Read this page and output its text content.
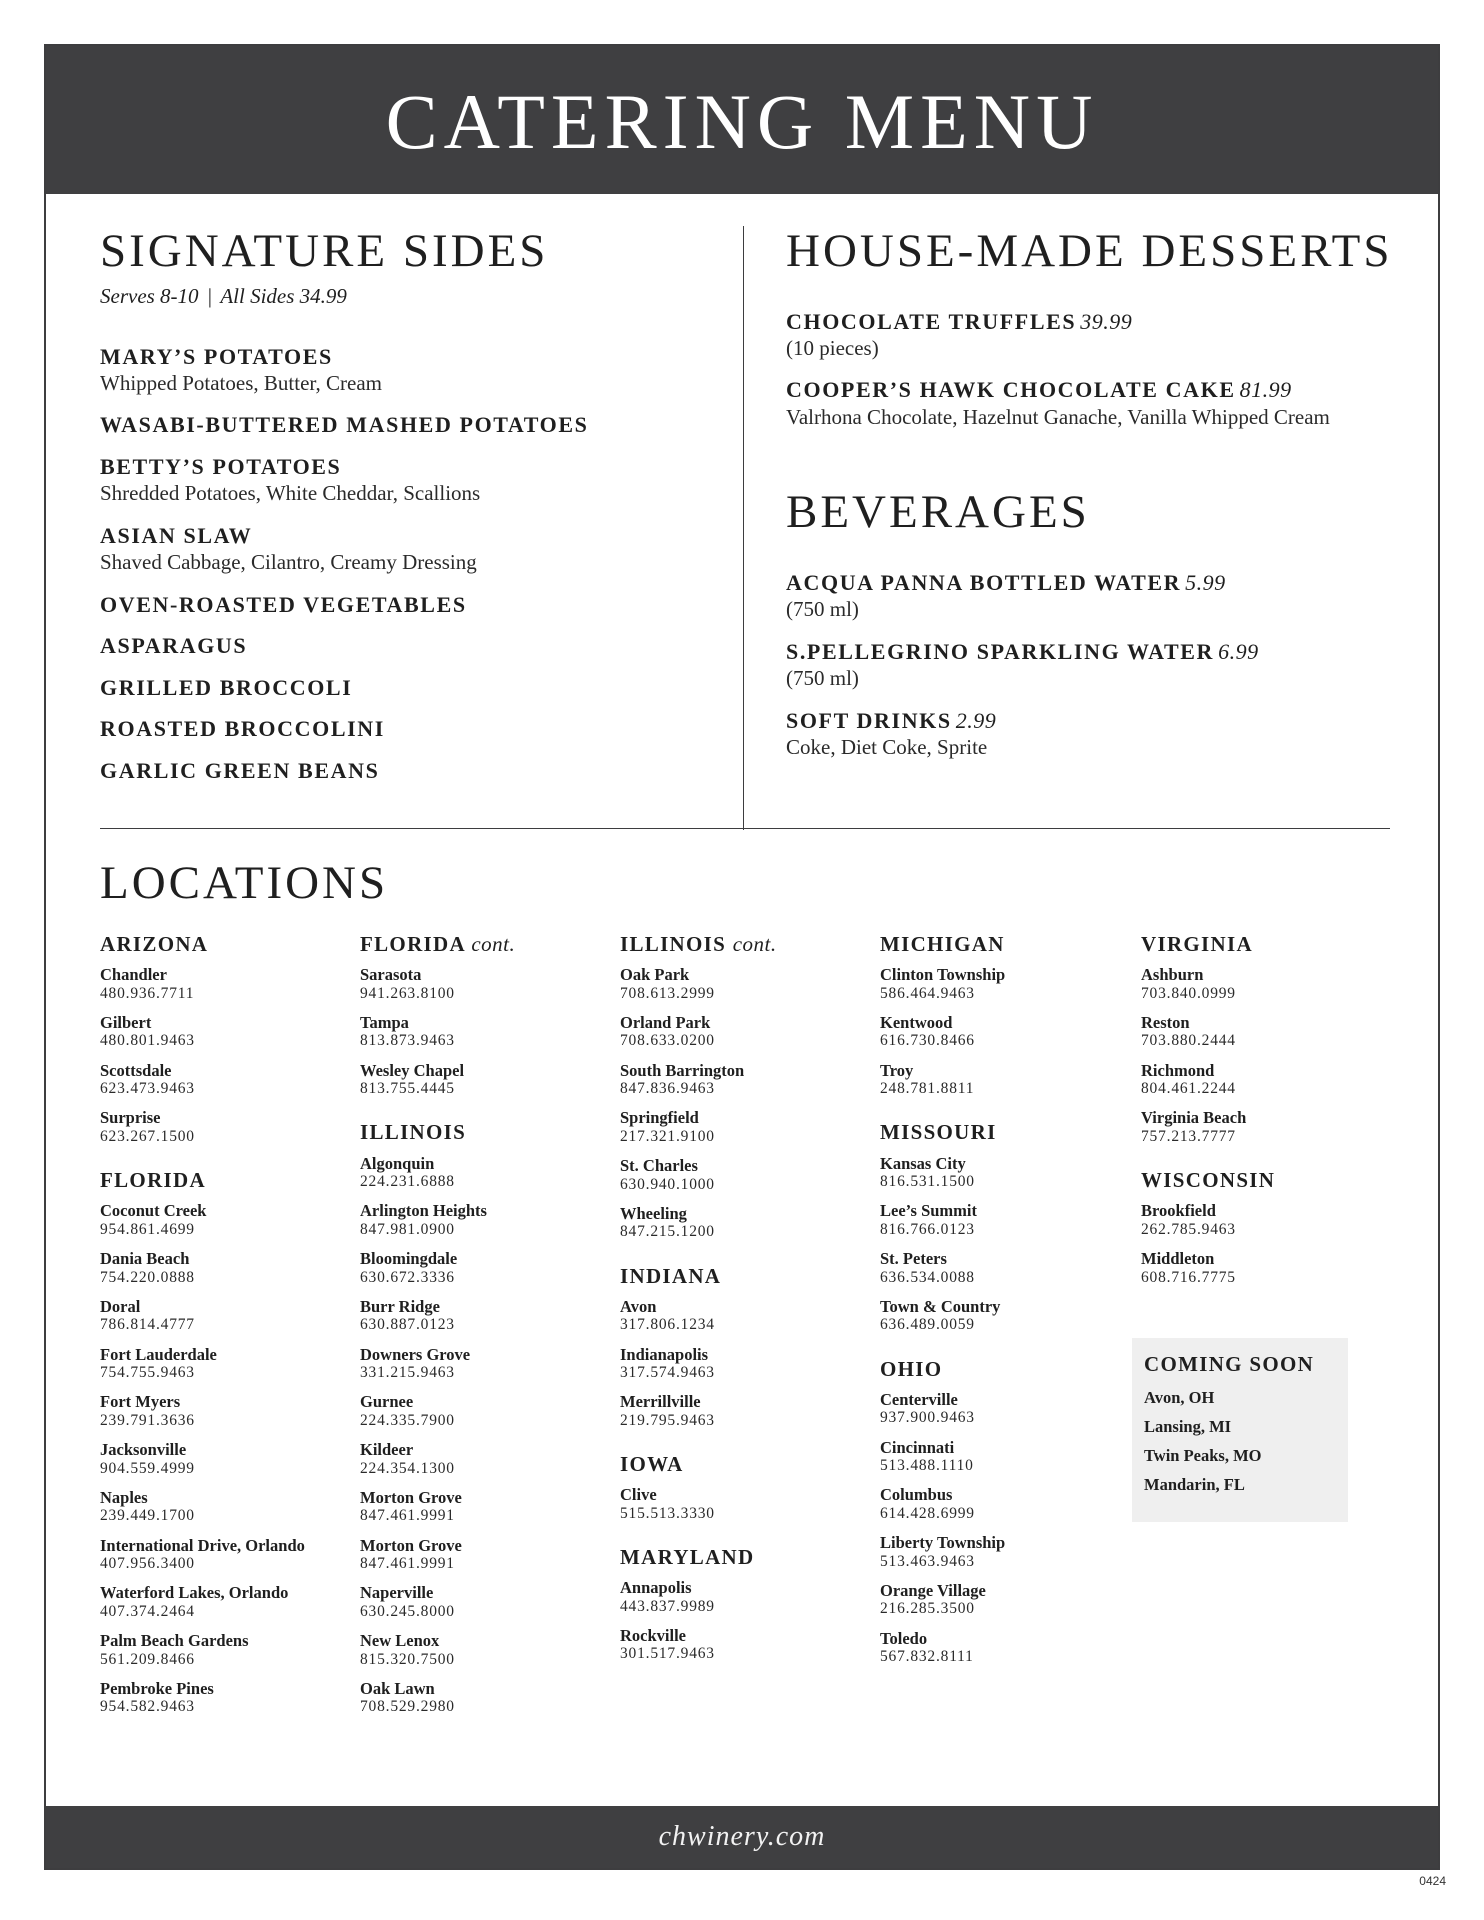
CATERING MENU
SIGNATURE SIDES
Serves 8-10 | All Sides 34.99
MARY’S POTATOES
Whipped Potatoes, Butter, Cream
WASABI-BUTTERED MASHED POTATOES
BETTY’S POTATOES
Shredded Potatoes, White Cheddar, Scallions
ASIAN SLAW
Shaved Cabbage, Cilantro, Creamy Dressing
OVEN-ROASTED VEGETABLES
ASPARAGUS
GRILLED BROCCOLI
ROASTED BROCCOLINI
GARLIC GREEN BEANS
HOUSE-MADE DESSERTS
CHOCOLATE TRUFFLES 39.99
(10 pieces)
COOPER’S HAWK CHOCOLATE CAKE 81.99
Valrhona Chocolate, Hazelnut Ganache, Vanilla Whipped Cream
BEVERAGES
ACQUA PANNA BOTTLED WATER 5.99
(750 ml)
S.PELLEGRINO SPARKLING WATER 6.99
(750 ml)
SOFT DRINKS 2.99
Coke, Diet Coke, Sprite
LOCATIONS
ARIZONA
Chandler
480.936.7711
Gilbert
480.801.9463
Scottsdale
623.473.9463
Surprise
623.267.1500
FLORIDA
Coconut Creek
954.861.4699
Dania Beach
754.220.0888
Doral
786.814.4777
Fort Lauderdale
754.755.9463
Fort Myers
239.791.3636
Jacksonville
904.559.4999
Naples
239.449.1700
International Drive, Orlando
407.956.3400
Waterford Lakes, Orlando
407.374.2464
Palm Beach Gardens
561.209.8466
Pembroke Pines
954.582.9463
FLORIDA cont.
Sarasota
941.263.8100
Tampa
813.873.9463
Wesley Chapel
813.755.4445
ILLINOIS
Algonquin
224.231.6888
Arlington Heights
847.981.0900
Bloomingdale
630.672.3336
Burr Ridge
630.887.0123
Downers Grove
331.215.9463
Gurnee
224.335.7900
Kildeer
224.354.1300
Morton Grove
847.461.9991
Morton Grove
847.461.9991
Naperville
630.245.8000
New Lenox
815.320.7500
Oak Lawn
708.529.2980
ILLINOIS cont.
Oak Park
708.613.2999
Orland Park
708.633.0200
South Barrington
847.836.9463
Springfield
217.321.9100
St. Charles
630.940.1000
Wheeling
847.215.1200
INDIANA
Avon
317.806.1234
Indianapolis
317.574.9463
Merrillville
219.795.9463
IOWA
Clive
515.513.3330
MARYLAND
Annapolis
443.837.9989
Rockville
301.517.9463
MICHIGAN
Clinton Township
586.464.9463
Kentwood
616.730.8466
Troy
248.781.8811
MISSOURI
Kansas City
816.531.1500
Lee’s Summit
816.766.0123
St. Peters
636.534.0088
Town & Country
636.489.0059
OHIO
Centerville
937.900.9463
Cincinnati
513.488.1110
Columbus
614.428.6999
Liberty Township
513.463.9463
Orange Village
216.285.3500
Toledo
567.832.8111
VIRGINIA
Ashburn
703.840.0999
Reston
703.880.2444
Richmond
804.461.2244
Virginia Beach
757.213.7777
WISCONSIN
Brookfield
262.785.9463
Middleton
608.716.7775
COMING SOON
Avon, OH
Lansing, MI
Twin Peaks, MO
Mandarin, FL
chwinery.com
0424
